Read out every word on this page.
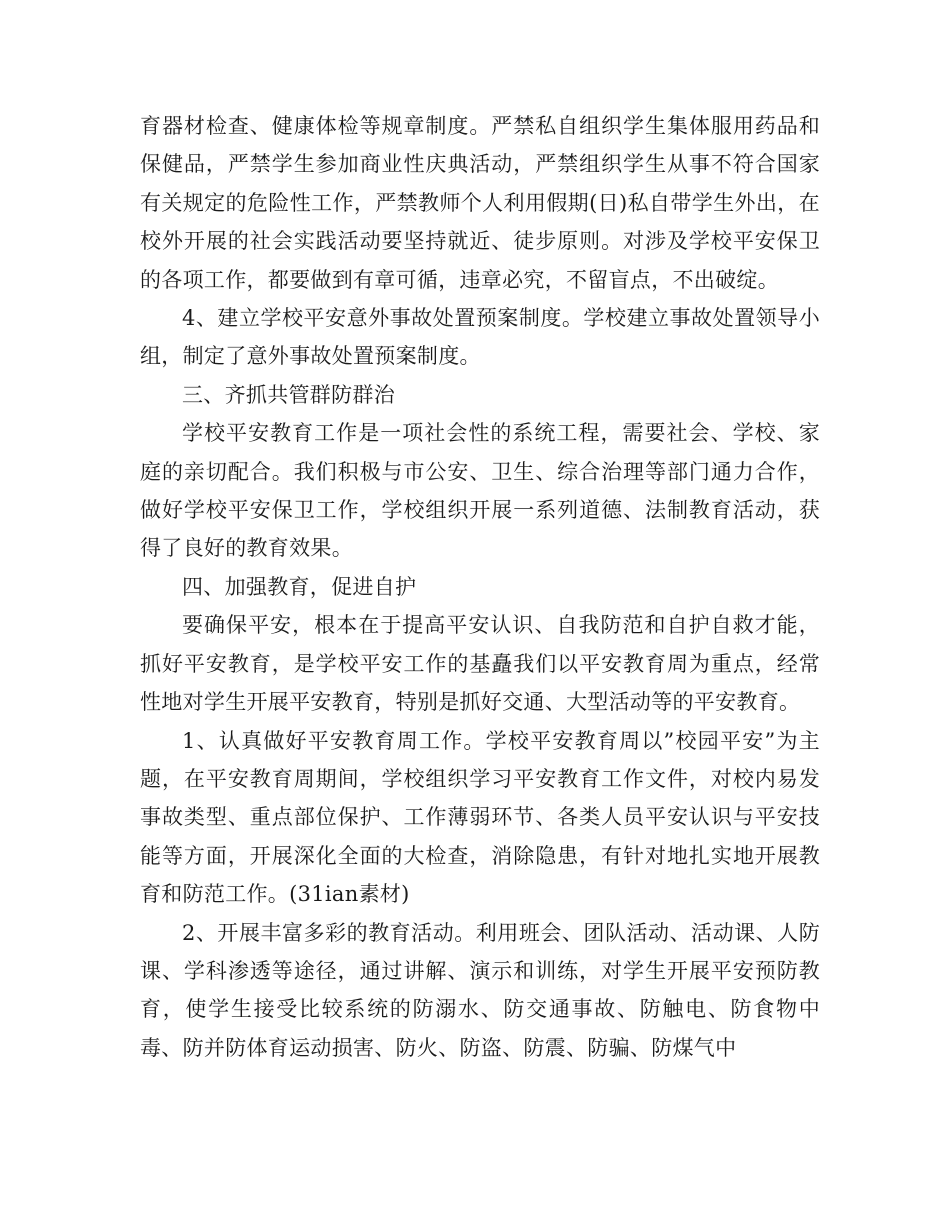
育器材检查、健康体检等规章制度。严禁私自组织学生集体服用药品和保健品，严禁学生参加商业性庆典活动，严禁组织学生从事不符合国家有关规定的危险性工作，严禁教师个人利用假期(日)私自带学生外出，在校外开展的社会实践活动要坚持就近、徒步原则。对涉及学校平安保卫的各项工作，都要做到有章可循，违章必究，不留盲点，不出破绽。

4、建立学校平安意外事故处置预案制度。学校建立事故处置领导小组，制定了意外事故处置预案制度。

三、齐抓共管群防群治

学校平安教育工作是一项社会性的系统工程，需要社会、学校、家庭的亲切配合。我们积极与市公安、卫生、综合治理等部门通力合作，做好学校平安保卫工作，学校组织开展一系列道德、法制教育活动，获得了良好的教育效果。

四、加强教育，促进自护

要确保平安，根本在于提高平安认识、自我防范和自护自救才能，抓好平安教育，是学校平安工作的基矗我们以平安教育周为重点，经常性地对学生开展平安教育，特别是抓好交通、大型活动等的平安教育。

1、认真做好平安教育周工作。学校平安教育周以”校园平安”为主题，在平安教育周期间，学校组织学习平安教育工作文件，对校内易发事故类型、重点部位保护、工作薄弱环节、各类人员平安认识与平安技能等方面，开展深化全面的大检查，消除隐患，有针对地扎实地开展教育和防范工作。(31ian素材)

2、开展丰富多彩的教育活动。利用班会、团队活动、活动课、人防课、学科渗透等途径，通过讲解、演示和训练，对学生开展平安预防教育，使学生接受比较系统的防溺水、防交通事故、防触电、防食物中毒、防并防体育运动损害、防火、防盗、防震、防骗、防煤气中
